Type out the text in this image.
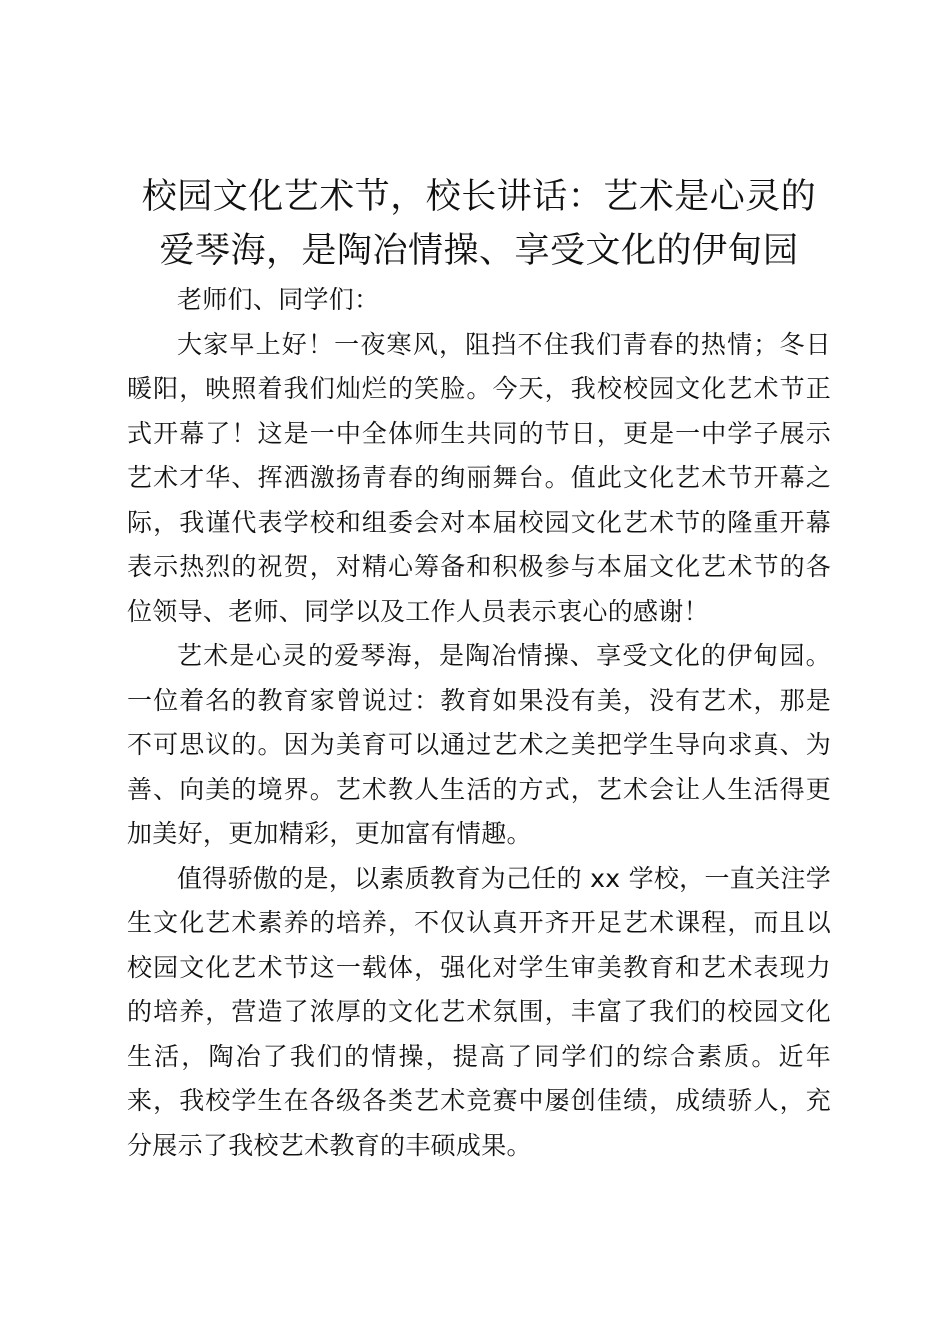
校园文化艺术节，校长讲话：艺术是心灵的爱琴海，是陶冶情操、享受文化的伊甸园

老师们、同学们：

大家早上好！一夜寒风，阻挡不住我们青春的热情；冬日暖阳，映照着我们灿烂的笑脸。今天，我校校园文化艺术节正式开幕了！这是一中全体师生共同的节日，更是一中学子展示艺术才华、挥洒激扬青春的绚丽舞台。值此文化艺术节开幕之际，我谨代表学校和组委会对本届校园文化艺术节的隆重开幕表示热烈的祝贺，对精心筹备和积极参与本届文化艺术节的各位领导、老师、同学以及工作人员表示衷心的感谢！

艺术是心灵的爱琴海，是陶冶情操、享受文化的伊甸园。一位着名的教育家曾说过：教育如果没有美，没有艺术，那是不可思议的。因为美育可以通过艺术之美把学生导向求真、为善、向美的境界。艺术教人生活的方式，艺术会让人生活得更加美好，更加精彩，更加富有情趣。

值得骄傲的是，以素质教育为己任的 xx 学校，一直关注学生文化艺术素养的培养，不仅认真开齐开足艺术课程，而且以校园文化艺术节这一载体，强化对学生审美教育和艺术表现力的培养，营造了浓厚的文化艺术氛围，丰富了我们的校园文化生活，陶冶了我们的情操，提高了同学们的综合素质。近年来，我校学生在各级各类艺术竞赛中屡创佳绩，成绩骄人，充分展示了我校艺术教育的丰硕成果。
